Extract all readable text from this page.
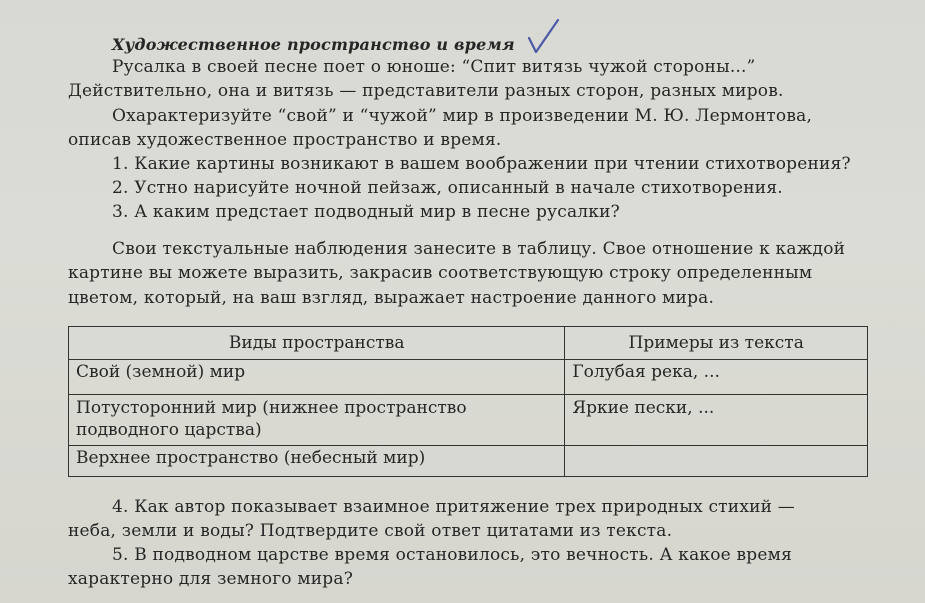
Художественное пространство и время
Русалка в своей песне поет о юноше: “Спит витязь чужой стороны...”
Действительно, она и витязь — представители разных сторон, разных миров.
Охарактеризуйте “свой” и “чужой” мир в произведении М. Ю. Лермонтова,
описав художественное пространство и время.
1. Какие картины возникают в вашем воображении при чтении стихотворения?
2. Устно нарисуйте ночной пейзаж, описанный в начале стихотворения.
3. А каким предстает подводный мир в песне русалки?
Свои текстуальные наблюдения занесите в таблицу. Свое отношение к каждой
картине вы можете выразить, закрасив соответствующую строку определенным
цветом, который, на ваш взгляд, выражает настроение данного мира.
Виды пространства	Примеры из текста
Свой (земной) мир	Голубая река, ...
Потусторонний мир (нижнее пространство
подводного царства)	Яркие пески, ...
Верхнее пространство (небесный мир)	
4. Как автор показывает взаимное притяжение трех природных стихий —
неба, земли и воды? Подтвердите свой ответ цитатами из текста.
5. В подводном царстве время остановилось, это вечность. А какое время
характерно для земного мира?
